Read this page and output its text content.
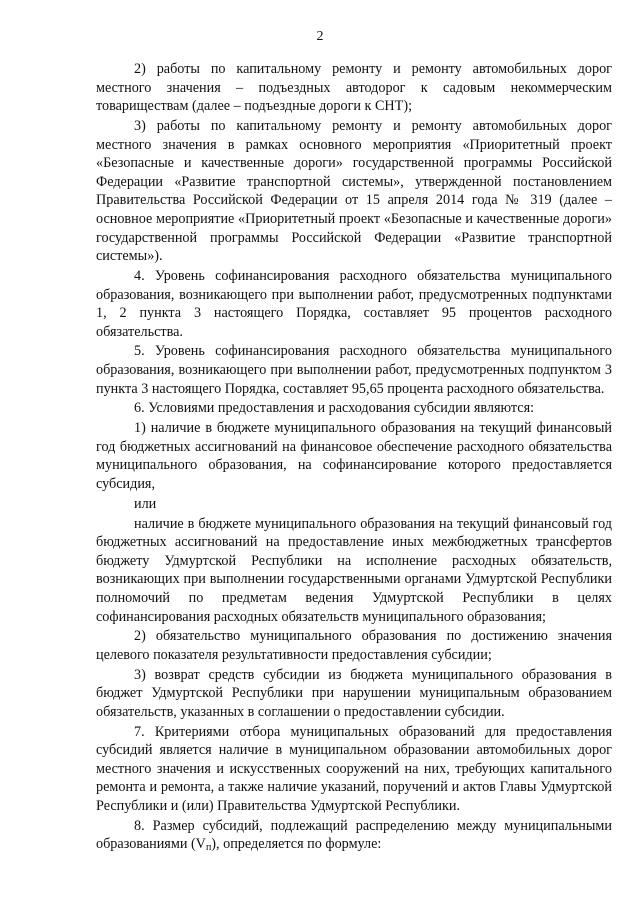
2

2) работы по капитальному ремонту и ремонту автомобильных дорог местного значения – подъездных автодорог к садовым некоммерческим товариществам (далее – подъездные дороги к СНТ);

3) работы по капитальному ремонту и ремонту автомобильных дорог местного значения в рамках основного мероприятия «Приоритетный проект «Безопасные и качественные дороги» государственной программы Российской Федерации «Развитие транспортной системы», утвержденной постановлением Правительства Российской Федерации от 15 апреля 2014 года № 319 (далее – основное мероприятие «Приоритетный проект «Безопасные и качественные дороги» государственной программы Российской Федерации «Развитие транспортной системы»).

4. Уровень софинансирования расходного обязательства муниципального образования, возникающего при выполнении работ, предусмотренных подпунктами 1, 2 пункта 3 настоящего Порядка, составляет 95 процентов расходного обязательства.

5. Уровень софинансирования расходного обязательства муниципального образования, возникающего при выполнении работ, предусмотренных подпунктом 3 пункта 3 настоящего Порядка, составляет 95,65 процента расходного обязательства.

6. Условиями предоставления и расходования субсидии являются:

1) наличие в бюджете муниципального образования на текущий финансовый год бюджетных ассигнований на финансовое обеспечение расходного обязательства муниципального образования, на софинансирование которого предоставляется субсидия,

или

наличие в бюджете муниципального образования на текущий финансовый год бюджетных ассигнований на предоставление иных межбюджетных трансфертов бюджету Удмуртской Республики на исполнение расходных обязательств, возникающих при выполнении государственными органами Удмуртской Республики полномочий по предметам ведения Удмуртской Республики в целях софинансирования расходных обязательств муниципального образования;

2) обязательство муниципального образования по достижению значения целевого показателя результативности предоставления субсидии;

3) возврат средств субсидии из бюджета муниципального образования в бюджет Удмуртской Республики при нарушении муниципальным образованием обязательств, указанных в соглашении о предоставлении субсидии.

7. Критериями отбора муниципальных образований для предоставления субсидий является наличие в муниципальном образовании автомобильных дорог местного значения и искусственных сооружений на них, требующих капитального ремонта и ремонта, а также наличие указаний, поручений и актов Главы Удмуртской Республики и (или) Правительства Удмуртской Республики.

8. Размер субсидий, подлежащий распределению между муниципальными образованиями $(V_п)$, определяется по формуле:
